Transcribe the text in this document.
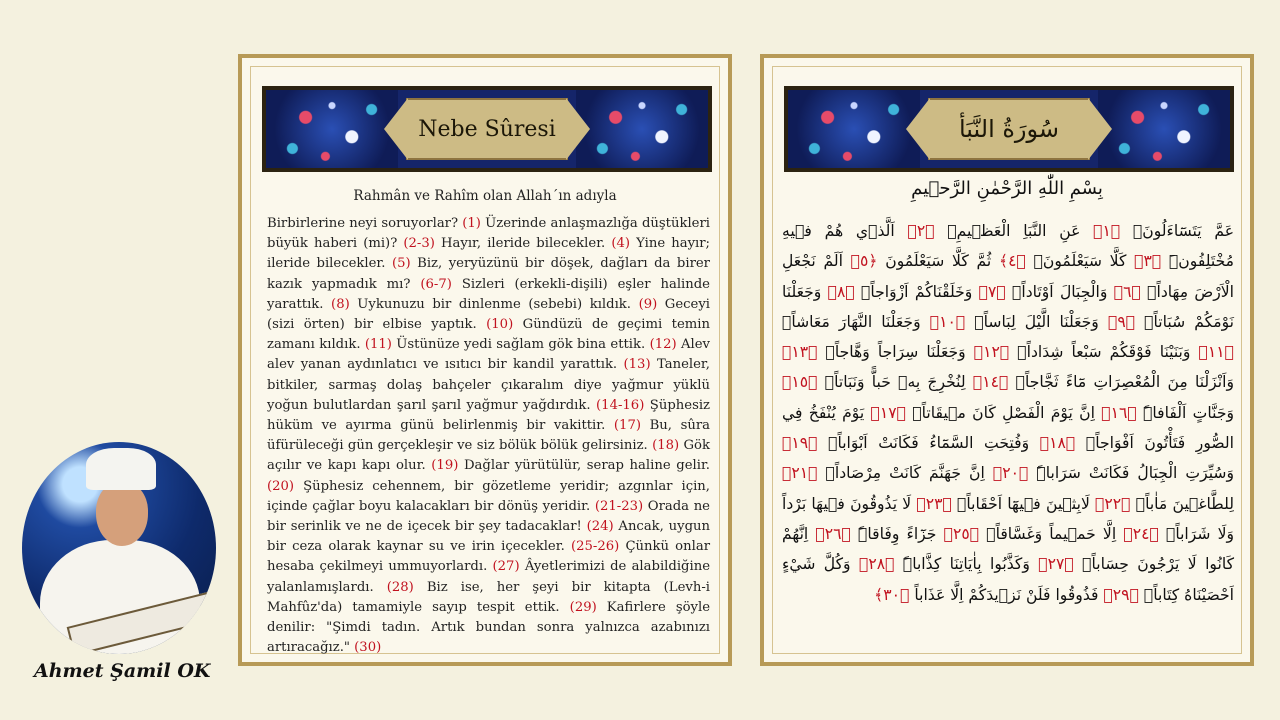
Ahmet Şamil OK
Nebe Sûresi
Rahmân ve Rahîm olan Allah´ın adıyla
Birbirlerine neyi soruyorlar? (1) Üzerinde anlaşmazlığa düştükleri büyük haberi (mi)? (2-3) Hayır, ileride bilecekler. (4) Yine hayır; ileride bilecekler. (5) Biz, yeryüzünü bir döşek, dağları da birer kazık yapmadık mı? (6-7) Sizleri (erkekli-dişili) eşler halinde yarattık. (8) Uykunuzu bir dinlenme (sebebi) kıldık. (9) Geceyi (sizi örten) bir elbise yaptık. (10) Gündüzü de geçimi temin zamanı kıldık. (11) Üstünüze yedi sağlam gök bina ettik. (12) Alev alev yanan aydınlatıcı ve ısıtıcı bir kandil yarattık. (13) Taneler, bitkiler, sarmaş dolaş bahçeler çıkaralım diye yağmur yüklü yoğun bulutlardan şarıl şarıl yağmur yağdırdık. (14-16) Şüphesiz hüküm ve ayırma günü belirlenmiş bir vakittir. (17) Bu, sûra üfürüleceği gün gerçekleşir ve siz bölük bölük gelirsiniz. (18) Gök açılır ve kapı kapı olur. (19) Dağlar yürütülür, serap haline gelir. (20) Şüphesiz cehennem, bir gözetleme yeridir; azgınlar için, içinde çağlar boyu kalacakları bir dönüş yeridir. (21-23) Orada ne bir serinlik ve ne de içecek bir şey tadacaklar! (24) Ancak, uygun bir ceza olarak kaynar su ve irin içecekler. (25-26) Çünkü onlar hesaba çekilmeyi ummuyorlardı. (27) Âyetlerimizi de alabildiğine yalanlamışlardı. (28) Biz ise, her şeyi bir kitapta (Levh-i Mahfûz'da) tamamiyle sayıp tespit ettik. (29) Kafirlere şöyle denilir: "Şimdi tadın. Artık bundan sonra yalnızca azabınızı artıracağız." (30)
سُورَةُ النَّبَأ
بِسْمِ اللّٰهِ الرَّحْمٰنِ الرَّح۪يمِ
عَمَّ يَتَسَٓاءَلُونَۚ ﴿١﴾ عَنِ النَّبَاِ الْعَظ۪يمِۙ ﴿٢﴾ اَلَّذ۪ي هُمْ ف۪يهِ مُخْتَلِفُونَۜ ﴿٣﴾ كَلَّا سَيَعْلَمُونَۙ ﴿٤﴾ ثُمَّ كَلَّا سَيَعْلَمُونَ ﴿٥﴾ اَلَمْ نَجْعَلِ الْاَرْضَ مِهَاداًۙ ﴿٦﴾ وَالْجِبَالَ اَوْتَاداًۙ ﴿٧﴾ وَخَلَقْنَاكُمْ اَزْوَاجاًۙ ﴿٨﴾ وَجَعَلْنَا نَوْمَكُمْ سُبَاتاًۙ ﴿٩﴾ وَجَعَلْنَا الَّيْلَ لِبَاساًۙ ﴿١٠﴾ وَجَعَلْنَا النَّهَارَ مَعَاشاًۖ ﴿١١﴾ وَبَنَيْنَا فَوْقَكُمْ سَبْعاً شِدَاداًۙ ﴿١٢﴾ وَجَعَلْنَا سِرَاجاً وَهَّاجاًۖ ﴿١٣﴾ وَاَنْزَلْنَا مِنَ الْمُعْصِرَاتِ مَٓاءً ثَجَّاجاًۙ ﴿١٤﴾ لِنُخْرِجَ بِه۪ حَباًّ وَنَبَاتاًۙ ﴿١٥﴾ وَجَنَّاتٍ اَلْفَافاًۜ ﴿١٦﴾ اِنَّ يَوْمَ الْفَصْلِ كَانَ م۪يقَاتاًۙ ﴿١٧﴾ يَوْمَ يُنْفَخُ فِي الصُّورِ فَتَأْتُونَ اَفْوَاجاًۙ ﴿١٨﴾ وَفُتِحَتِ السَّمَٓاءُ فَكَانَتْ اَبْوَاباًۙ ﴿١٩﴾ وَسُيِّرَتِ الْجِبَالُ فَكَانَتْ سَرَاباًۜ ﴿٢٠﴾ اِنَّ جَهَنَّمَ كَانَتْ مِرْصَاداًۙ ﴿٢١﴾ لِلطَّاغ۪ينَ مَاٰباًۙ ﴿٢٢﴾ لَابِث۪ينَ ف۪يهَٓا اَحْقَاباًۚ ﴿٢٣﴾ لَا يَذُوقُونَ ف۪يهَا بَرْداً وَلَا شَرَاباًۙ ﴿٢٤﴾ اِلَّا حَم۪يماً وَغَسَّاقاًۙ ﴿٢٥﴾ جَزَٓاءً وِفَاقاًۜ ﴿٢٦﴾ اِنَّهُمْ كَانُوا لَا يَرْجُونَ حِسَاباًۙ ﴿٢٧﴾ وَكَذَّبُوا بِاٰيَاتِنَا كِذَّاباًۜ ﴿٢٨﴾ وَكُلَّ شَيْءٍ اَحْصَيْنَاهُ كِتَاباًۙ ﴿٢٩﴾ فَذُوقُوا فَلَنْ نَز۪يدَكُمْ اِلَّا عَذَاباً ﴿٣٠﴾
